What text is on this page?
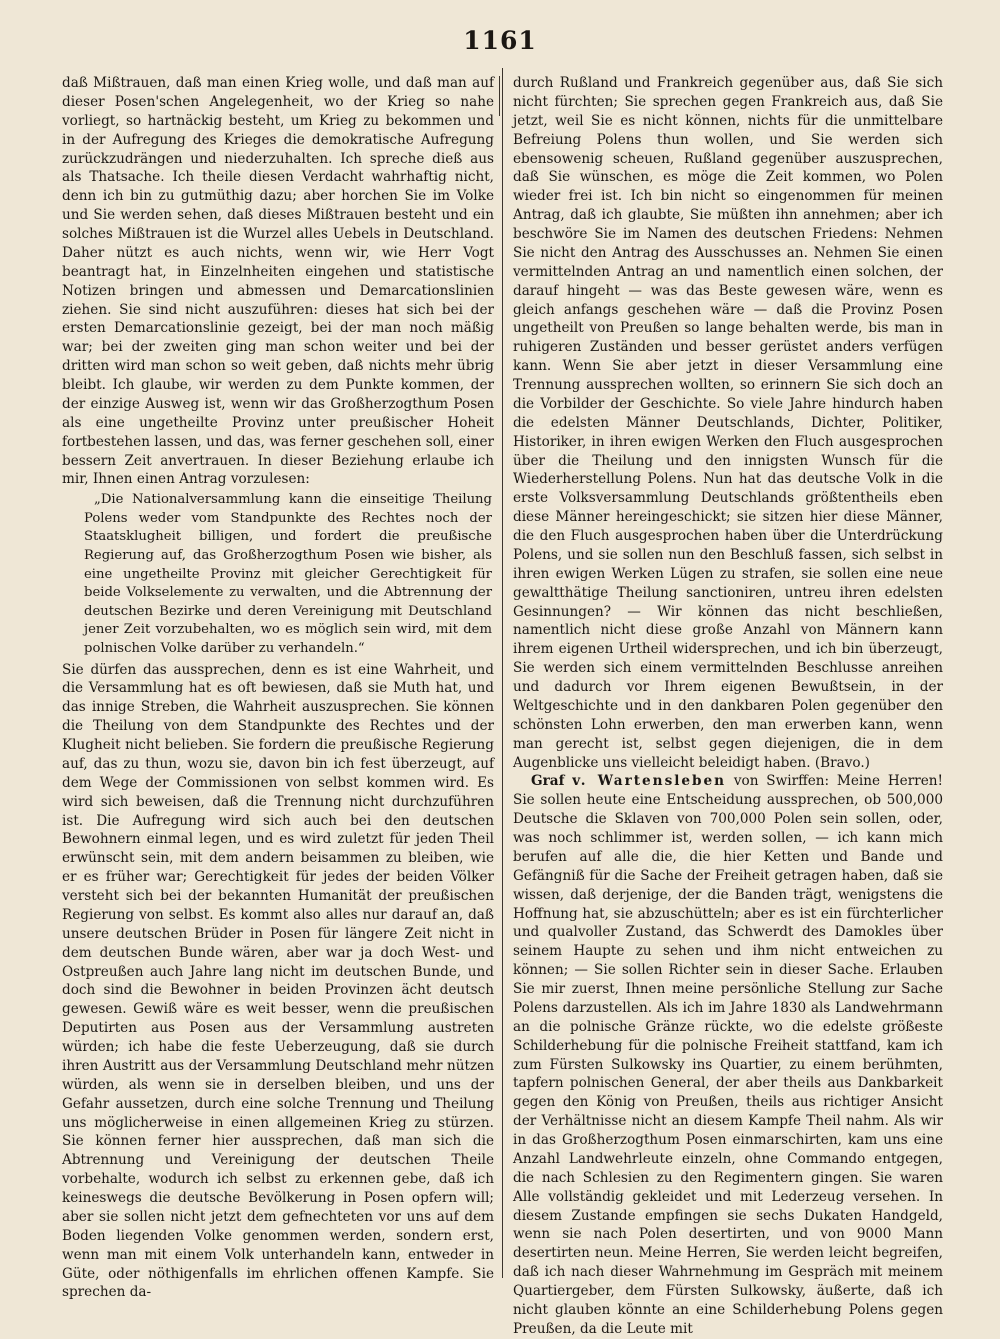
1161

daß Mißtrauen, daß man einen Krieg wolle, und daß man auf dieser Posen'schen Angelegenheit, wo der Krieg so nahe vorliegt, so hartnäckig besteht, um Krieg zu bekommen und in der Aufregung des Krieges die demokratische Aufregung zurückzudrängen und niederzuhalten. Ich spreche dieß aus als Thatsache. Ich theile diesen Verdacht wahrhaftig nicht, denn ich bin zu gutmüthig dazu; aber horchen Sie im Volke und Sie werden sehen, daß dieses Mißtrauen besteht und ein solches Mißtrauen ist die Wurzel alles Uebels in Deutschland. Daher nützt es auch nichts, wenn wir, wie Herr Vogt beantragt hat, in Einzelnheiten eingehen und statistische Notizen bringen und abmessen und Demarcationslinien ziehen. Sie sind nicht auszuführen: dieses hat sich bei der ersten Demarcationslinie gezeigt, bei der man noch mäßig war; bei der zweiten ging man schon weiter und bei der dritten wird man schon so weit geben, daß nichts mehr übrig bleibt. Ich glaube, wir werden zu dem Punkte kommen, der der einzige Ausweg ist, wenn wir das Großherzogthum Posen als eine ungetheilte Provinz unter preußischer Hoheit fortbestehen lassen, und das, was ferner geschehen soll, einer bessern Zeit anvertrauen. In dieser Beziehung erlaube ich mir, Ihnen einen Antrag vorzulesen:

„Die Nationalversammlung kann die einseitige Theilung Polens weder vom Standpunkte des Rechtes noch der Staatsklugheit billigen, und fordert die preußische Regierung auf, das Großherzogthum Posen wie bisher, als eine ungetheilte Provinz mit gleicher Gerechtigkeit für beide Volkselemente zu verwalten, und die Abtrennung der deutschen Bezirke und deren Vereinigung mit Deutschland jener Zeit vorzubehalten, wo es möglich sein wird, mit dem polnischen Volke darüber zu verhandeln.“

Sie dürfen das aussprechen, denn es ist eine Wahrheit, und die Versammlung hat es oft bewiesen, daß sie Muth hat, und das innige Streben, die Wahrheit auszusprechen. Sie können die Theilung von dem Standpunkte des Rechtes und der Klugheit nicht belieben. Sie fordern die preußische Regierung auf, das zu thun, wozu sie, davon bin ich fest überzeugt, auf dem Wege der Commissionen von selbst kommen wird. Es wird sich beweisen, daß die Trennung nicht durchzuführen ist. Die Aufregung wird sich auch bei den deutschen Bewohnern einmal legen, und es wird zuletzt für jeden Theil erwünscht sein, mit dem andern beisammen zu bleiben, wie er es früher war; Gerechtigkeit für jedes der beiden Völker versteht sich bei der bekannten Humanität der preußischen Regierung von selbst. Es kommt also alles nur darauf an, daß unsere deutschen Brüder in Posen für längere Zeit nicht in dem deutschen Bunde wären, aber war ja doch West- und Ostpreußen auch Jahre lang nicht im deutschen Bunde, und doch sind die Bewohner in beiden Provinzen ächt deutsch gewesen. Gewiß wäre es weit besser, wenn die preußischen Deputirten aus Posen aus der Versammlung austreten würden; ich habe die feste Ueberzeugung, daß sie durch ihren Austritt aus der Versammlung Deutschland mehr nützen würden, als wenn sie in derselben bleiben, und uns der Gefahr aussetzen, durch eine solche Trennung und Theilung uns möglicherweise in einen allgemeinen Krieg zu stürzen. Sie können ferner hier aussprechen, daß man sich die Abtrennung und Vereinigung der deutschen Theile vorbehalte, wodurch ich selbst zu erkennen gebe, daß ich keineswegs die deutsche Bevölkerung in Posen opfern will; aber sie sollen nicht jetzt dem gefnechteten vor uns auf dem Boden liegenden Volke genommen werden, sondern erst, wenn man mit einem Volk unterhandeln kann, entweder in Güte, oder nöthigenfalls im ehrlichen offenen Kampfe. Sie sprechen da-

durch Rußland und Frankreich gegenüber aus, daß Sie sich nicht fürchten; Sie sprechen gegen Frankreich aus, daß Sie jetzt, weil Sie es nicht können, nichts für die unmittelbare Befreiung Polens thun wollen, und Sie werden sich ebensowenig scheuen, Rußland gegenüber auszusprechen, daß Sie wünschen, es möge die Zeit kommen, wo Polen wieder frei ist. Ich bin nicht so eingenommen für meinen Antrag, daß ich glaubte, Sie müßten ihn annehmen; aber ich beschwöre Sie im Namen des deutschen Friedens: Nehmen Sie nicht den Antrag des Ausschusses an. Nehmen Sie einen vermittelnden Antrag an und namentlich einen solchen, der darauf hingeht — was das Beste gewesen wäre, wenn es gleich anfangs geschehen wäre — daß die Provinz Posen ungetheilt von Preußen so lange behalten werde, bis man in ruhigeren Zuständen und besser gerüstet anders verfügen kann. Wenn Sie aber jetzt in dieser Versammlung eine Trennung aussprechen wollten, so erinnern Sie sich doch an die Vorbilder der Geschichte. So viele Jahre hindurch haben die edelsten Männer Deutschlands, Dichter, Politiker, Historiker, in ihren ewigen Werken den Fluch ausgesprochen über die Theilung und den innigsten Wunsch für die Wiederherstellung Polens. Nun hat das deutsche Volk in die erste Volksversammlung Deutschlands größtentheils eben diese Männer hereingeschickt; sie sitzen hier diese Männer, die den Fluch ausgesprochen haben über die Unterdrückung Polens, und sie sollen nun den Beschluß fassen, sich selbst in ihren ewigen Werken Lügen zu strafen, sie sollen eine neue gewaltthätige Theilung sanctioniren, untreu ihren edelsten Gesinnungen? — Wir können das nicht beschließen, namentlich nicht diese große Anzahl von Männern kann ihrem eigenen Urtheil widersprechen, und ich bin überzeugt, Sie werden sich einem vermittelnden Beschlusse anreihen und dadurch vor Ihrem eigenen Bewußtsein, in der Weltgeschichte und in den dankbaren Polen gegenüber den schönsten Lohn erwerben, den man erwerben kann, wenn man gerecht ist, selbst gegen diejenigen, die in dem Augenblicke uns vielleicht beleidigt haben. (Bravo.)

Graf v. Wartensleben von Swirffen: Meine Herren! Sie sollen heute eine Entscheidung aussprechen, ob 500,000 Deutsche die Sklaven von 700,000 Polen sein sollen, oder, was noch schlimmer ist, werden sollen, — ich kann mich berufen auf alle die, die hier Ketten und Bande und Gefängniß für die Sache der Freiheit getragen haben, daß sie wissen, daß derjenige, der die Banden trägt, wenigstens die Hoffnung hat, sie abzuschütteln; aber es ist ein fürchterlicher und qualvoller Zustand, das Schwerdt des Damokles über seinem Haupte zu sehen und ihm nicht entweichen zu können; — Sie sollen Richter sein in dieser Sache. Erlauben Sie mir zuerst, Ihnen meine persönliche Stellung zur Sache Polens darzustellen. Als ich im Jahre 1830 als Landwehrmann an die polnische Gränze rückte, wo die edelste größeste Schilderhebung für die polnische Freiheit stattfand, kam ich zum Fürsten Sulkowsky ins Quartier, zu einem berühmten, tapfern polnischen General, der aber theils aus Dankbarkeit gegen den König von Preußen, theils aus richtiger Ansicht der Verhältnisse nicht an diesem Kampfe Theil nahm. Als wir in das Großherzogthum Posen einmarschirten, kam uns eine Anzahl Landwehrleute einzeln, ohne Commando entgegen, die nach Schlesien zu den Regimentern gingen. Sie waren Alle vollständig gekleidet und mit Lederzeug versehen. In diesem Zustande empfingen sie sechs Dukaten Handgeld, wenn sie nach Polen desertirten, und von 9000 Mann desertirten neun. Meine Herren, Sie werden leicht begreifen, daß ich nach dieser Wahrnehmung im Gespräch mit meinem Quartiergeber, dem Fürsten Sulkowsky, äußerte, daß ich nicht glauben könnte an eine Schilderhebung Polens gegen Preußen, da die Leute mit
